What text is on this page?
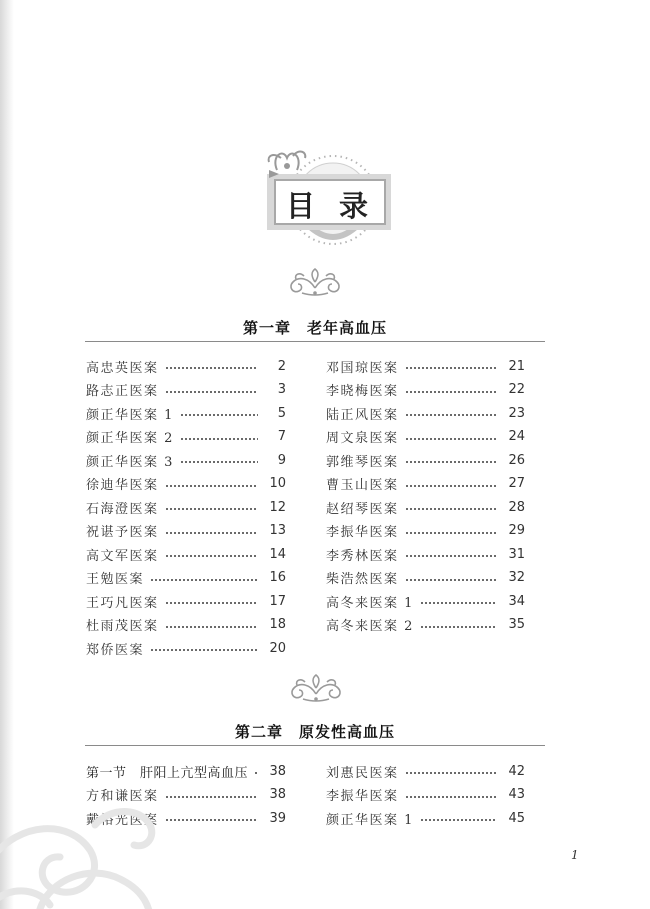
目 录
第一章　老年高血压
高忠英医案	2
路志正医案	3
颜正华医案 1	5
颜正华医案 2	7
颜正华医案 3	9
徐迪华医案	10
石海澄医案	12
祝谌予医案	13
高文军医案	14
王勉医案	16
王巧凡医案	17
杜雨茂医案	18
郑侨医案	20
邓国琼医案	21
李晓梅医案	22
陆正风医案	23
周文泉医案	24
郭维琴医案	26
曹玉山医案	27
赵绍琴医案	28
李振华医案	29
李秀林医案	31
柴浩然医案	32
高冬来医案 1	34
高冬来医案 2	35
第二章　原发性高血压
第一节　肝阳上亢型高血压	38
方和谦医案	38
戴裕光医案	39
刘惠民医案	42
李振华医案	43
颜正华医案 1	45
1
